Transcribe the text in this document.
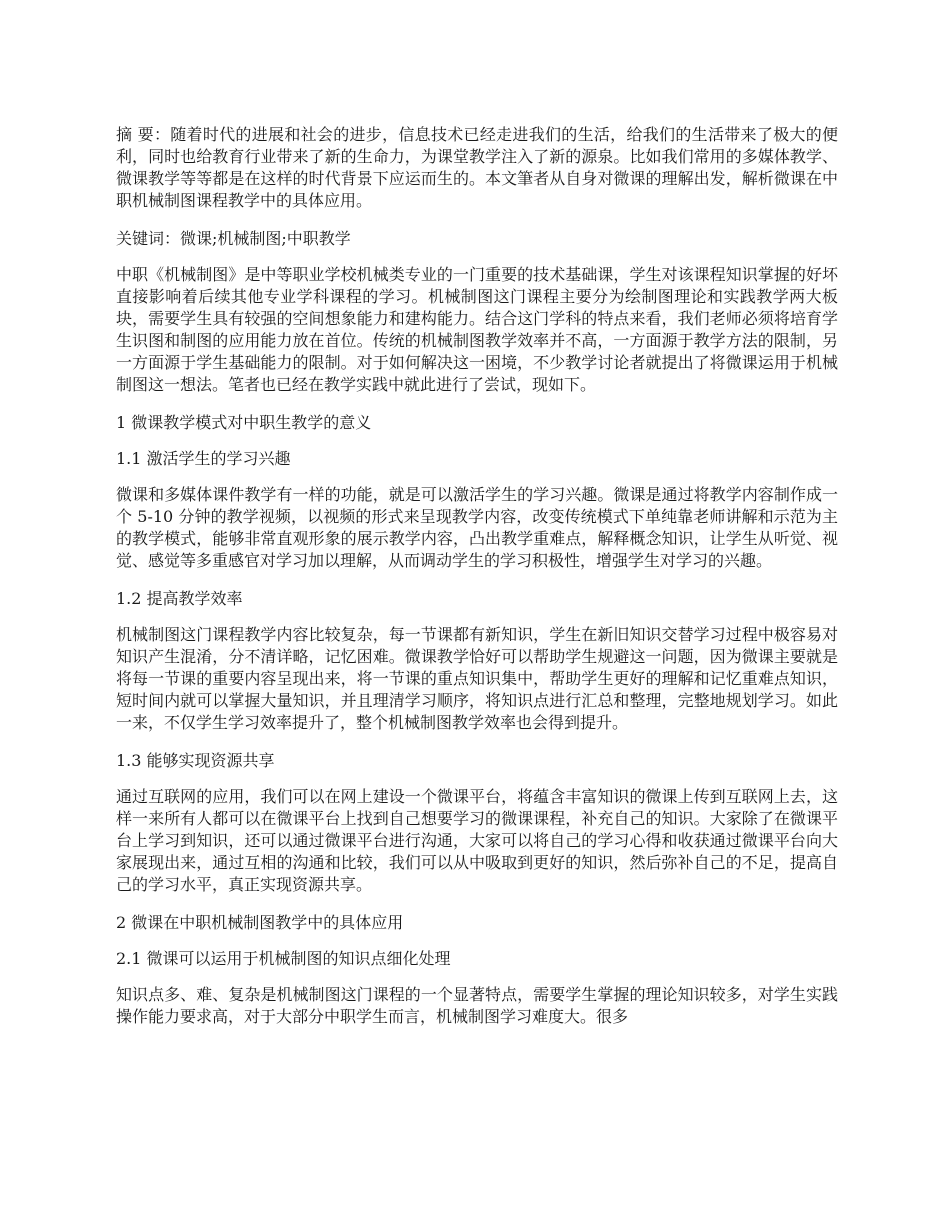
摘 要：随着时代的进展和社会的进步，信息技术已经走进我们的生活，给我们的生活带来了极大的便利，同时也给教育行业带来了新的生命力，为课堂教学注入了新的源泉。比如我们常用的多媒体教学、微课教学等等都是在这样的时代背景下应运而生的。本文筆者从自身对微课的理解出发，解析微课在中职机械制图课程教学中的具体应用。

关键词：微课;机械制图;中职教学

中职《机械制图》是中等职业学校机械类专业的一门重要的技术基础课，学生对该课程知识掌握的好坏直接影响着后续其他专业学科课程的学习。机械制图这门课程主要分为绘制图理论和实践教学两大板块，需要学生具有较强的空间想象能力和建构能力。结合这门学科的特点来看，我们老师必须将培育学生识图和制图的应用能力放在首位。传统的机械制图教学效率并不高，一方面源于教学方法的限制，另一方面源于学生基础能力的限制。对于如何解决这一困境，不少教学讨论者就提出了将微课运用于机械制图这一想法。笔者也已经在教学实践中就此进行了尝试，现如下。

1 微课教学模式对中职生教学的意义

1.1 激活学生的学习兴趣

微课和多媒体课件教学有一样的功能，就是可以激活学生的学习兴趣。微课是通过将教学内容制作成一个 5-10 分钟的教学视频，以视频的形式来呈现教学内容，改变传统模式下单纯靠老师讲解和示范为主的教学模式，能够非常直观形象的展示教学内容，凸出教学重难点，解释概念知识，让学生从听觉、视觉、感觉等多重感官对学习加以理解，从而调动学生的学习积极性，增强学生对学习的兴趣。

1.2 提高教学效率

机械制图这门课程教学内容比较复杂，每一节课都有新知识，学生在新旧知识交替学习过程中极容易对知识产生混淆，分不清详略，记忆困难。微课教学恰好可以帮助学生规避这一问题，因为微课主要就是将每一节课的重要内容呈现出来，将一节课的重点知识集中，帮助学生更好的理解和记忆重难点知识，短时间内就可以掌握大量知识，并且理清学习顺序，将知识点进行汇总和整理，完整地规划学习。如此一来，不仅学生学习效率提升了，整个机械制图教学效率也会得到提升。

1.3 能够实现资源共享

通过互联网的应用，我们可以在网上建设一个微课平台，将蕴含丰富知识的微课上传到互联网上去，这样一来所有人都可以在微课平台上找到自己想要学习的微课课程，补充自己的知识。大家除了在微课平台上学习到知识，还可以通过微课平台进行沟通，大家可以将自己的学习心得和收获通过微课平台向大家展现出来，通过互相的沟通和比较，我们可以从中吸取到更好的知识，然后弥补自己的不足，提高自己的学习水平，真正实现资源共享。

2 微课在中职机械制图教学中的具体应用

2.1 微课可以运用于机械制图的知识点细化处理

知识点多、难、复杂是机械制图这门课程的一个显著特点，需要学生掌握的理论知识较多，对学生实践操作能力要求高，对于大部分中职学生而言，机械制图学习难度大。很多
